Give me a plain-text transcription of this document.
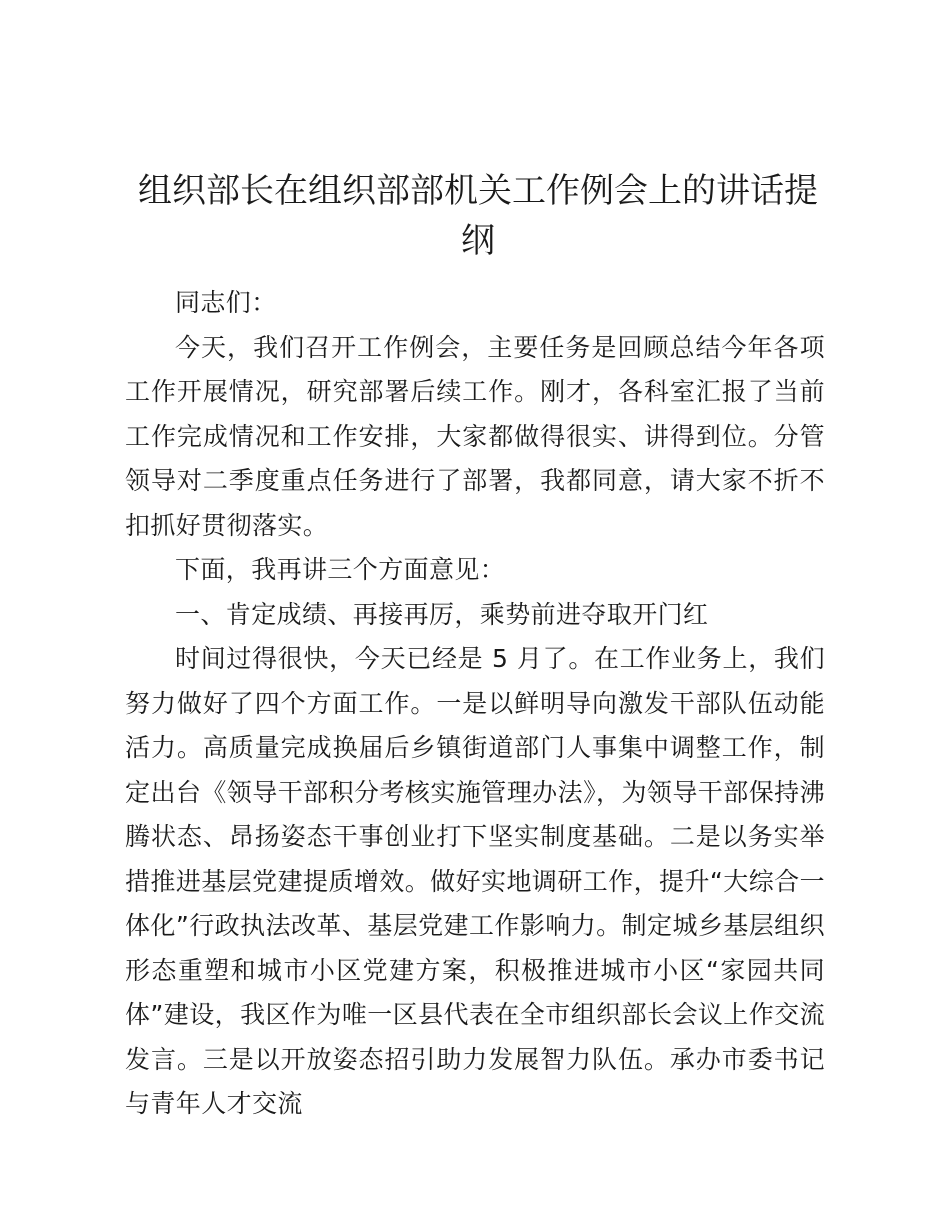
组织部长在组织部部机关工作例会上的讲话提纲

同志们：

今天，我们召开工作例会，主要任务是回顾总结今年各项工作开展情况，研究部署后续工作。刚才，各科室汇报了当前工作完成情况和工作安排，大家都做得很实、讲得到位。分管领导对二季度重点任务进行了部署，我都同意，请大家不折不扣抓好贯彻落实。

下面，我再讲三个方面意见：

一、肯定成绩、再接再厉，乘势前进夺取开门红

时间过得很快，今天已经是 5 月了。在工作业务上，我们努力做好了四个方面工作。一是以鲜明导向激发干部队伍动能活力。高质量完成换届后乡镇街道部门人事集中调整工作，制定出台《领导干部积分考核实施管理办法》，为领导干部保持沸腾状态、昂扬姿态干事创业打下坚实制度基础。二是以务实举措推进基层党建提质增效。做好实地调研工作，提升“大综合一体化”行政执法改革、基层党建工作影响力。制定城乡基层组织形态重塑和城市小区党建方案，积极推进城市小区“家园共同体”建设，我区作为唯一区县代表在全市组织部长会议上作交流发言。三是以开放姿态招引助力发展智力队伍。承办市委书记与青年人才交流
